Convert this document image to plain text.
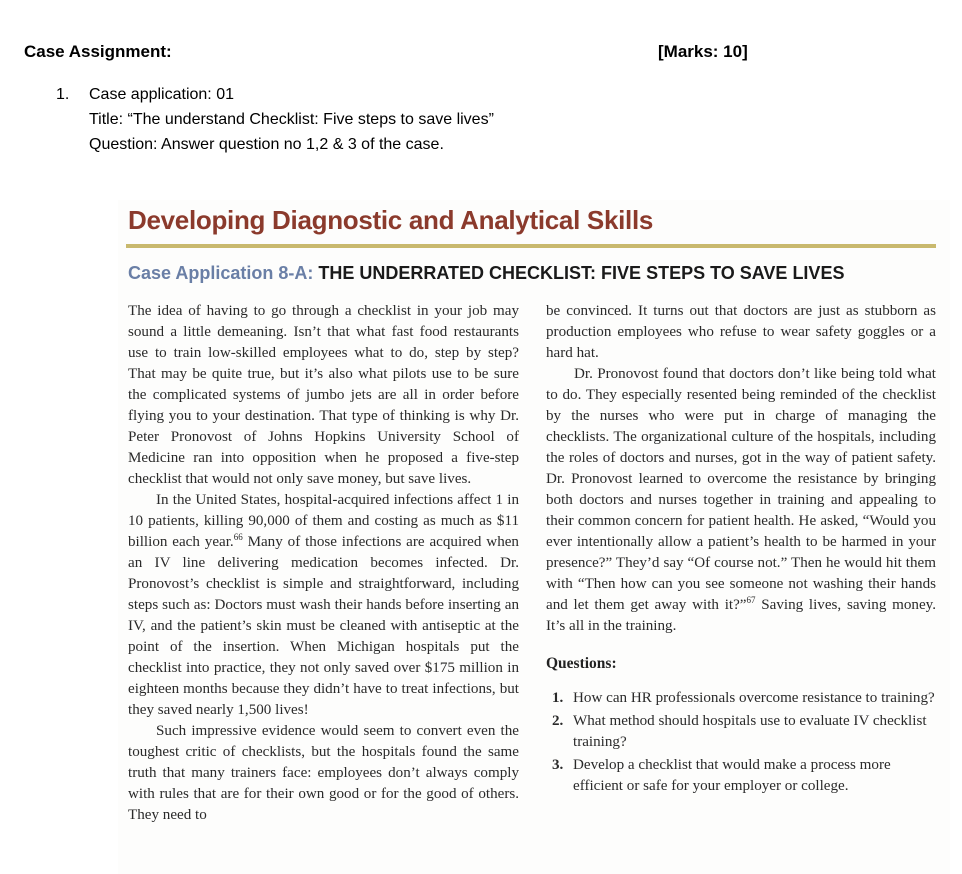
Case Assignment:	[Marks: 10]
1. Case application: 01
Title: “The understand Checklist: Five steps to save lives”
Question: Answer question no 1,2 & 3 of the case.
Developing Diagnostic and Analytical Skills
Case Application 8-A: THE UNDERRATED CHECKLIST: FIVE STEPS TO SAVE LIVES

The idea of having to go through a checklist in your job may sound a little demeaning. Isn’t that what fast food restaurants use to train low-skilled employees what to do, step by step? That may be quite true, but it’s also what pilots use to be sure the complicated systems of jumbo jets are all in order before flying you to your destination. That type of thinking is why Dr. Peter Pronovost of Johns Hopkins University School of Medicine ran into opposition when he proposed a five-step checklist that would not only save money, but save lives.

In the United States, hospital-acquired infections affect 1 in 10 patients, killing 90,000 of them and costing as much as $11 billion each year.$^{66}$ Many of those infections are acquired when an IV line delivering medication becomes infected. Dr. Pronovost’s checklist is simple and straightforward, including steps such as: Doctors must wash their hands before inserting an IV, and the patient’s skin must be cleaned with antiseptic at the point of the insertion. When Michigan hospitals put the checklist into practice, they not only saved over $175 million in eighteen months because they didn’t have to treat infections, but they saved nearly 1,500 lives!

Such impressive evidence would seem to convert even the toughest critic of checklists, but the hospitals found the same truth that many trainers face: employees don’t always comply with rules that are for their own good or for the good of others. They need to

be convinced. It turns out that doctors are just as stubborn as production employees who refuse to wear safety goggles or a hard hat.

Dr. Pronovost found that doctors don’t like being told what to do. They especially resented being reminded of the checklist by the nurses who were put in charge of managing the checklists. The organizational culture of the hospitals, including the roles of doctors and nurses, got in the way of patient safety. Dr. Pronovost learned to overcome the resistance by bringing both doctors and nurses together in training and appealing to their common concern for patient health. He asked, “Would you ever intentionally allow a patient’s health to be harmed in your presence?” They’d say “Of course not.” Then he would hit them with “Then how can you see someone not washing their hands and let them get away with it?”$^{67}$ Saving lives, saving money. It’s all in the training.

Questions:
1. How can HR professionals overcome resistance to training?
2. What method should hospitals use to evaluate IV checklist training?
3. Develop a checklist that would make a process more efficient or safe for your employer or college.
